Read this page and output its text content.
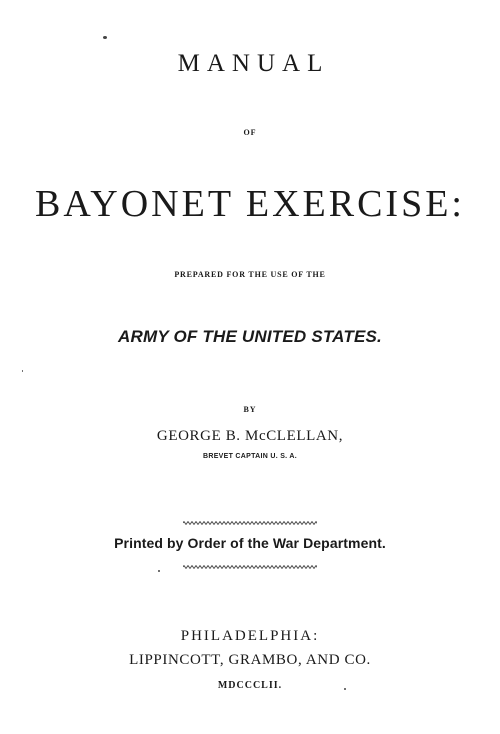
MANUAL
OF
BAYONET EXERCISE:
PREPARED FOR THE USE OF THE
ARMY OF THE UNITED STATES.
BY
GEORGE B. McCLELLAN,
BREVET CAPTAIN U. S. A.
Printed by Order of the War Department.
PHILADELPHIA:
LIPPINCOTT, GRAMBO, AND CO.
MDCCCLII.
